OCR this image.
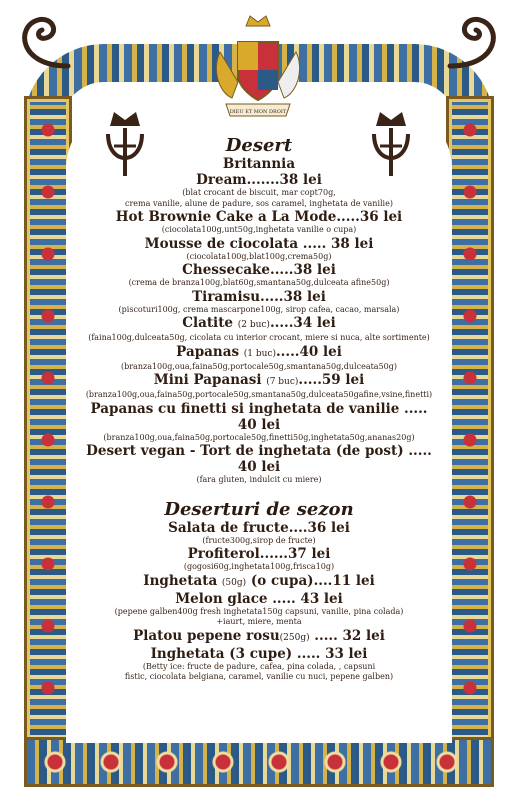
DIEU ET MON DROIT
Desert
Britannia
Dream.......38 lei
(blat crocant de biscuit, mar copt70g,
crema vanilie, alune de padure, sos caramel, inghetata de vanilie)
Hot Brownie Cake a La Mode.....36 lei
(ciocolata100g,unt50g,inghetata vanilie o cupa)
Mousse de ciocolata ..... 38 lei
(ciocolata100g,blat100g,crema50g)
Chessecake.....38 lei
(crema de branza100g,blat60g,smantana50g,dulceata afine50g)
Tiramisu.....38 lei
(piscoturi100g, crema mascarpone100g, sirop cafea, cacao, marsala)
Clatite (2 buc).....34 lei
(faina100g,dulceata50g, cicolata cu interior crocant, miere si nuca, alte sortimente)
Papanas (1 buc).....40 lei
(branza100g,oua,faina50g,portocale50g,smantana50g,dulceata50g)
Mini Papanasi (7 buc).....59 lei
(branza100g,oua,faina50g,portocale50g,smantana50g,dulceata50gafine,vsine,finetti)
Papanas cu finetti si inghetata de vanilie ..... 40 lei
(branza100g,oua,faina50g,portocale50g,finetti50g,inghetata50g,ananas20g)
Desert vegan - Tort de inghetata (de post) ..... 40 lei
(fara gluten, indulcit cu miere)
Deserturi de sezon
Salata de fructe....36 lei
(fructe300g,sirop de fructe)
Profiterol......37 lei
(gogosi60g,inghetata100g,frisca10g)
Inghetata (50g) (o cupa)....11 lei
Melon glace ..... 43 lei
(pepene galben400g fresh inghetata150g capsuni, vanilie, pina colada)
+iaurt, miere, menta
Platou pepene rosu(250g) ..... 32 lei
Inghetata (3 cupe) ..... 33 lei
(Betty ice: fructe de padure, cafea, pina colada, , capsuni
fistic, ciocolata belgiana, caramel, vanilie cu nuci, pepene galben)
